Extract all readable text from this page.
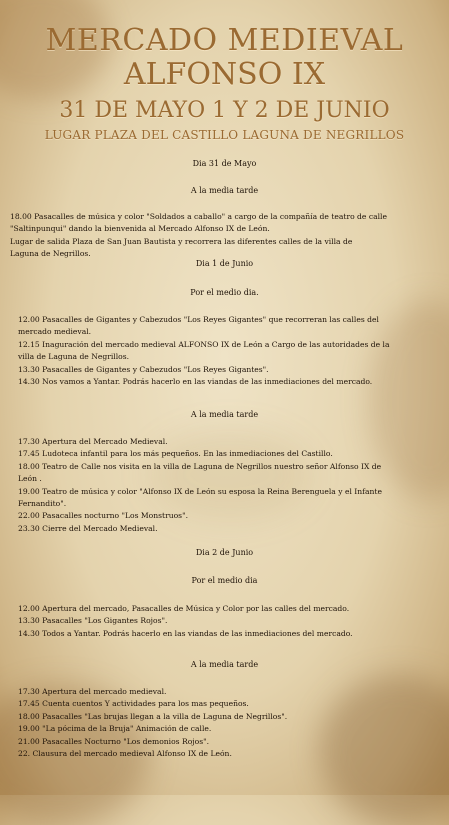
MERCADO MEDIEVAL
ALFONSO IX
31 DE MAYO 1 Y 2 DE JUNIO
LUGAR PLAZA DEL CASTILLO LAGUNA DE NEGRILLOS
Dia 31 de Mayo
A la media tarde

18.00 Pasacalles de música y color "Soldados a caballo" a cargo de la compañía de teatro de calle

"Saltinpunqui" dando la bienvenida al Mercado Alfonso IX de León.

Lugar de salida Plaza de San Juan Bautista y recorrera las diferentes calles de la villa de

Laguna de Negrillos.

Dia 1 de Junio
Por el medio dia.

12.00 Pasacalles de Gigantes y Cabezudos "Los Reyes Gigantes" que recorreran las calles del

mercado medieval.

12.15 Inaguración del mercado medieval ALFONSO IX de León a Cargo de las autoridades de la

villa de Laguna de Negrillos.

13.30 Pasacalles de Gigantes y Cabezudos "Los Reyes Gigantes".

14.30 Nos vamos a Yantar. Podrás hacerlo en las viandas de las inmediaciones del mercado.

A la media tarde

17.30 Apertura del Mercado Medieval.

17.45 Ludoteca infantil para los más pequeños. En las inmediaciones del Castillo.

18.00 Teatro de Calle nos visita en la villa de Laguna de Negrillos nuestro señor Alfonso IX de

León .

19.00 Teatro de música y color "Alfonso IX de León su esposa la Reina Berenguela y el Infante

Fernandito".

22.00 Pasacalles nocturno "Los Monstruos".

23.30 Cierre del Mercado Medieval.

Dia 2 de Junio
Por el medio dia

12.00 Apertura del mercado, Pasacalles de Música y Color por las calles del mercado.

13.30 Pasacalles "Los Gigantes Rojos".

14.30 Todos a Yantar. Podrás hacerlo en las viandas de las inmediaciones del mercado.

A la media tarde

17.30 Apertura del mercado medieval.

17.45 Cuenta cuentos Y actividades para los mas pequeños.

18.00 Pasacalles "Las brujas llegan a la villa de Laguna de Negrillos".

19.00 "La pócima de la Bruja" Animación de calle.

21.00 Pasacalles Nocturno "Los demonios Rojos".

22. Clausura del mercado medieval Alfonso IX de León.
